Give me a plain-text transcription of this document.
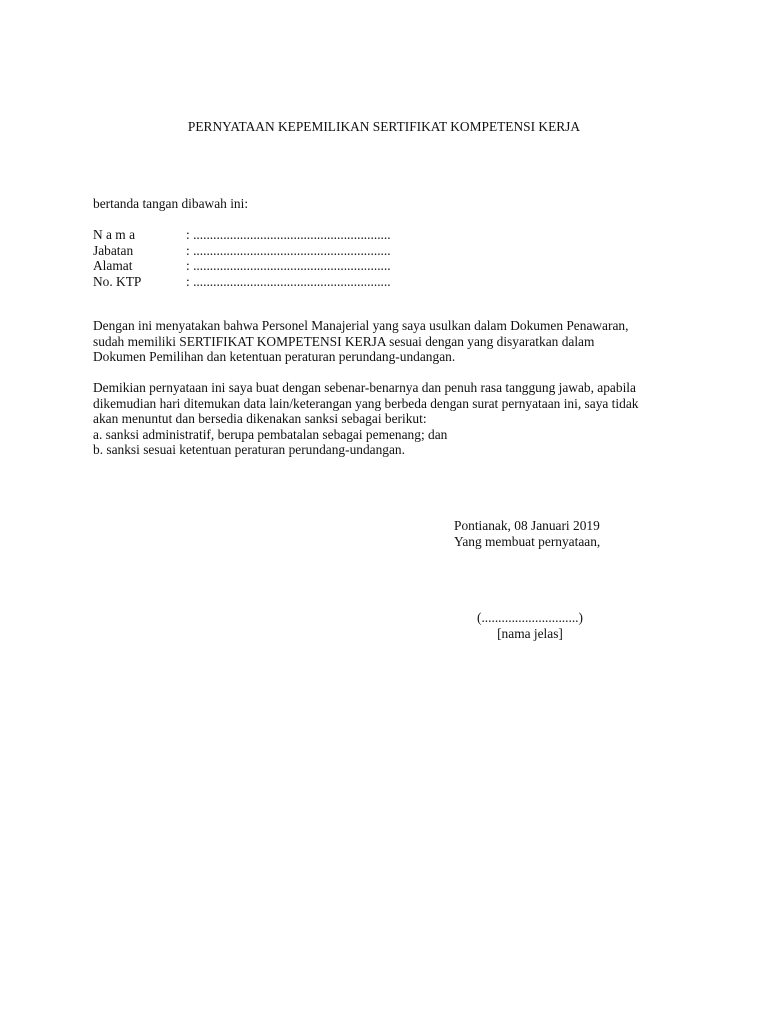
PERNYATAAN KEPEMILIKAN SERTIFIKAT KOMPETENSI KERJA
bertanda tangan dibawah ini:
N a m a	: ...........................................................
Jabatan	: ...........................................................
Alamat	: ...........................................................
No. KTP	: ...........................................................
Dengan ini menyatakan bahwa Personel Manajerial yang saya usulkan dalam Dokumen Penawaran,
sudah memiliki SERTIFIKAT KOMPETENSI KERJA sesuai dengan yang disyaratkan dalam
Dokumen Pemilihan dan ketentuan peraturan perundang-undangan.
Demikian pernyataan ini saya buat dengan sebenar-benarnya dan penuh rasa tanggung jawab, apabila
dikemudian hari ditemukan data lain/keterangan yang berbeda dengan surat pernyataan ini, saya tidak
akan menuntut dan bersedia dikenakan sanksi sebagai berikut:
a. sanksi administratif, berupa pembatalan sebagai pemenang; dan
b. sanksi sesuai ketentuan peraturan perundang-undangan.
Pontianak, 08 Januari 2019
Yang membuat pernyataan,
(.............................)
[nama jelas]
